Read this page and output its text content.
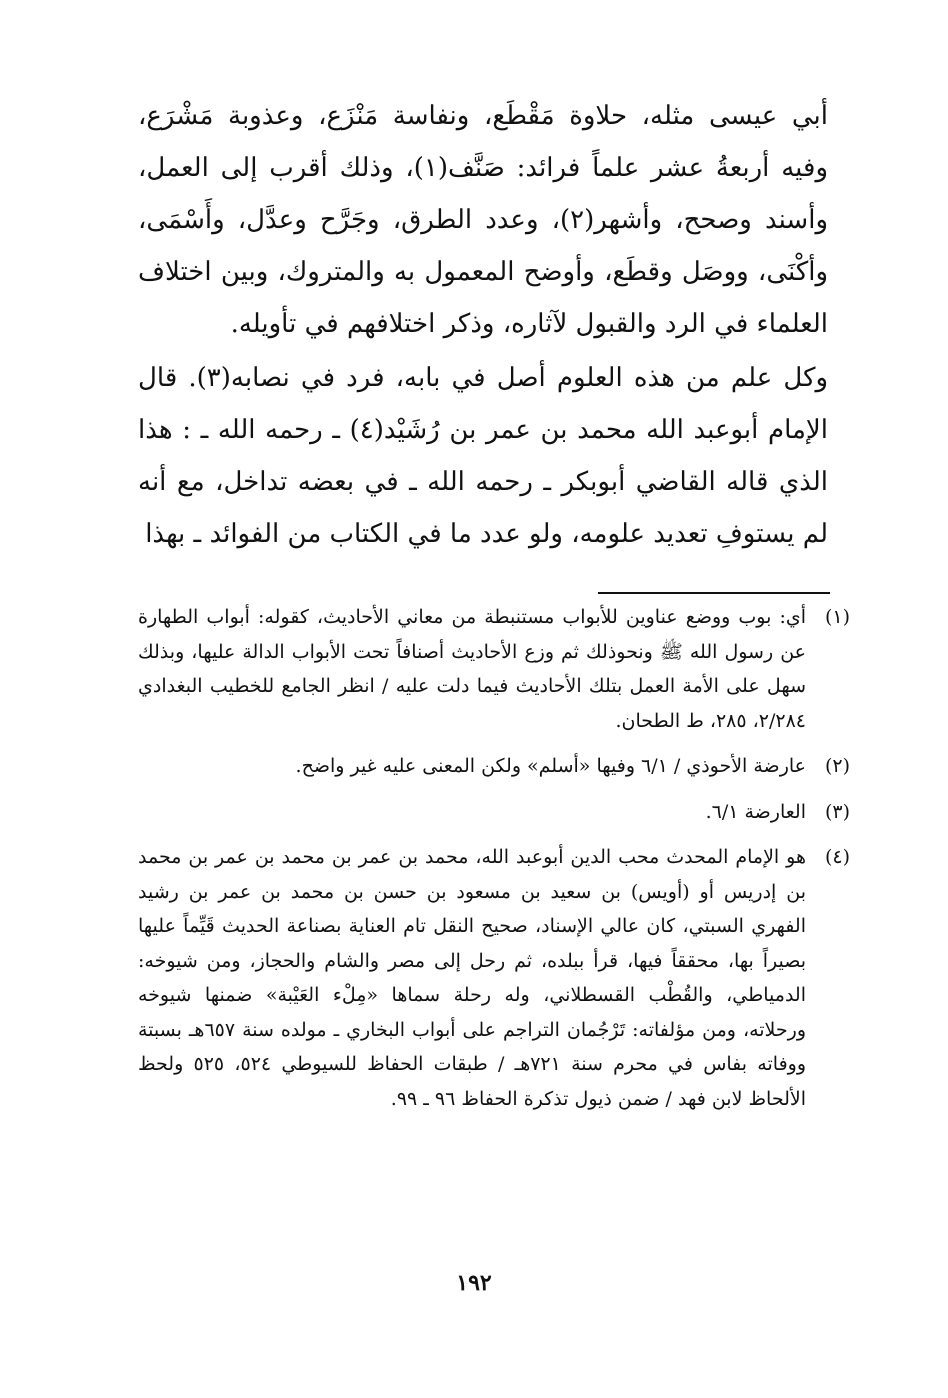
أبي عيسى مثله، حلاوة مَقْطَع، ونفاسة مَنْزَع، وعذوبة مَشْرَع، وفيه أربعةُ عشر علماً فرائد: صَنَّف(١)، وذلك أقرب إلى العمل، وأسند وصحح، وأشهر(٢)، وعدد الطرق، وجَرَّح وعدَّل، وأَسْمَى، وأكْنَى، ووصَل وقطَع، وأوضح المعمول به والمتروك، وبين اختلاف العلماء في الرد والقبول لآثاره، وذكر اختلافهم في تأويله.

وكل علم من هذه العلوم أصل في بابه، فرد في نصابه(٣). قال الإمام أبوعبد الله محمد بن عمر بن رُشَيْد(٤) ـ رحمه الله ـ : هذا الذي قاله القاضي أبوبكر ـ رحمه الله ـ في بعضه تداخل، مع أنه لم يستوفِ تعديد علومه، ولو عدد ما في الكتاب من الفوائد ـ بهذا

(١)
أي: بوب ووضع عناوين للأبواب مستنبطة من معاني الأحاديث، كقوله: أبواب الطهارة عن رسول الله ﷺ ونحوذلك ثم وزع الأحاديث أصنافاً تحت الأبواب الدالة عليها، وبذلك سهل على الأمة العمل بتلك الأحاديث فيما دلت عليه / انظر الجامع للخطيب البغدادي ٢/٢٨٤، ٢٨٥، ط الطحان.
(٢)
عارضة الأحوذي / ٦/١ وفيها «أسلم» ولكن المعنى عليه غير واضح.
(٣)
العارضة ٦/١.
(٤)
هو الإمام المحدث محب الدين أبوعبد الله، محمد بن عمر بن محمد بن عمر بن محمد بن إدريس أو (أويس) بن سعيد بن مسعود بن حسن بن محمد بن عمر بن رشيد الفهري السبتي، كان عالي الإسناد، صحيح النقل تام العناية بصناعة الحديث قَيِّماً عليها بصيراً بها، محققاً فيها، قرأ ببلده، ثم رحل إلى مصر والشام والحجاز، ومن شيوخه: الدمياطي، والقُطْب القسطلاني، وله رحلة سماها «مِلْء العَيْبة» ضمنها شيوخه ورحلاته، ومن مؤلفاته: تَرْجُمان التراجم على أبواب البخاري ـ مولده سنة ٦٥٧هـ بسبتة ووفاته بفاس في محرم سنة ٧٢١هـ / طبقات الحفاظ للسيوطي ٥٢٤، ٥٢٥ ولحظ الألحاظ لابن فهد / ضمن ذيول تذكرة الحفاظ ٩٦ ـ ٩٩.
١٩٢
